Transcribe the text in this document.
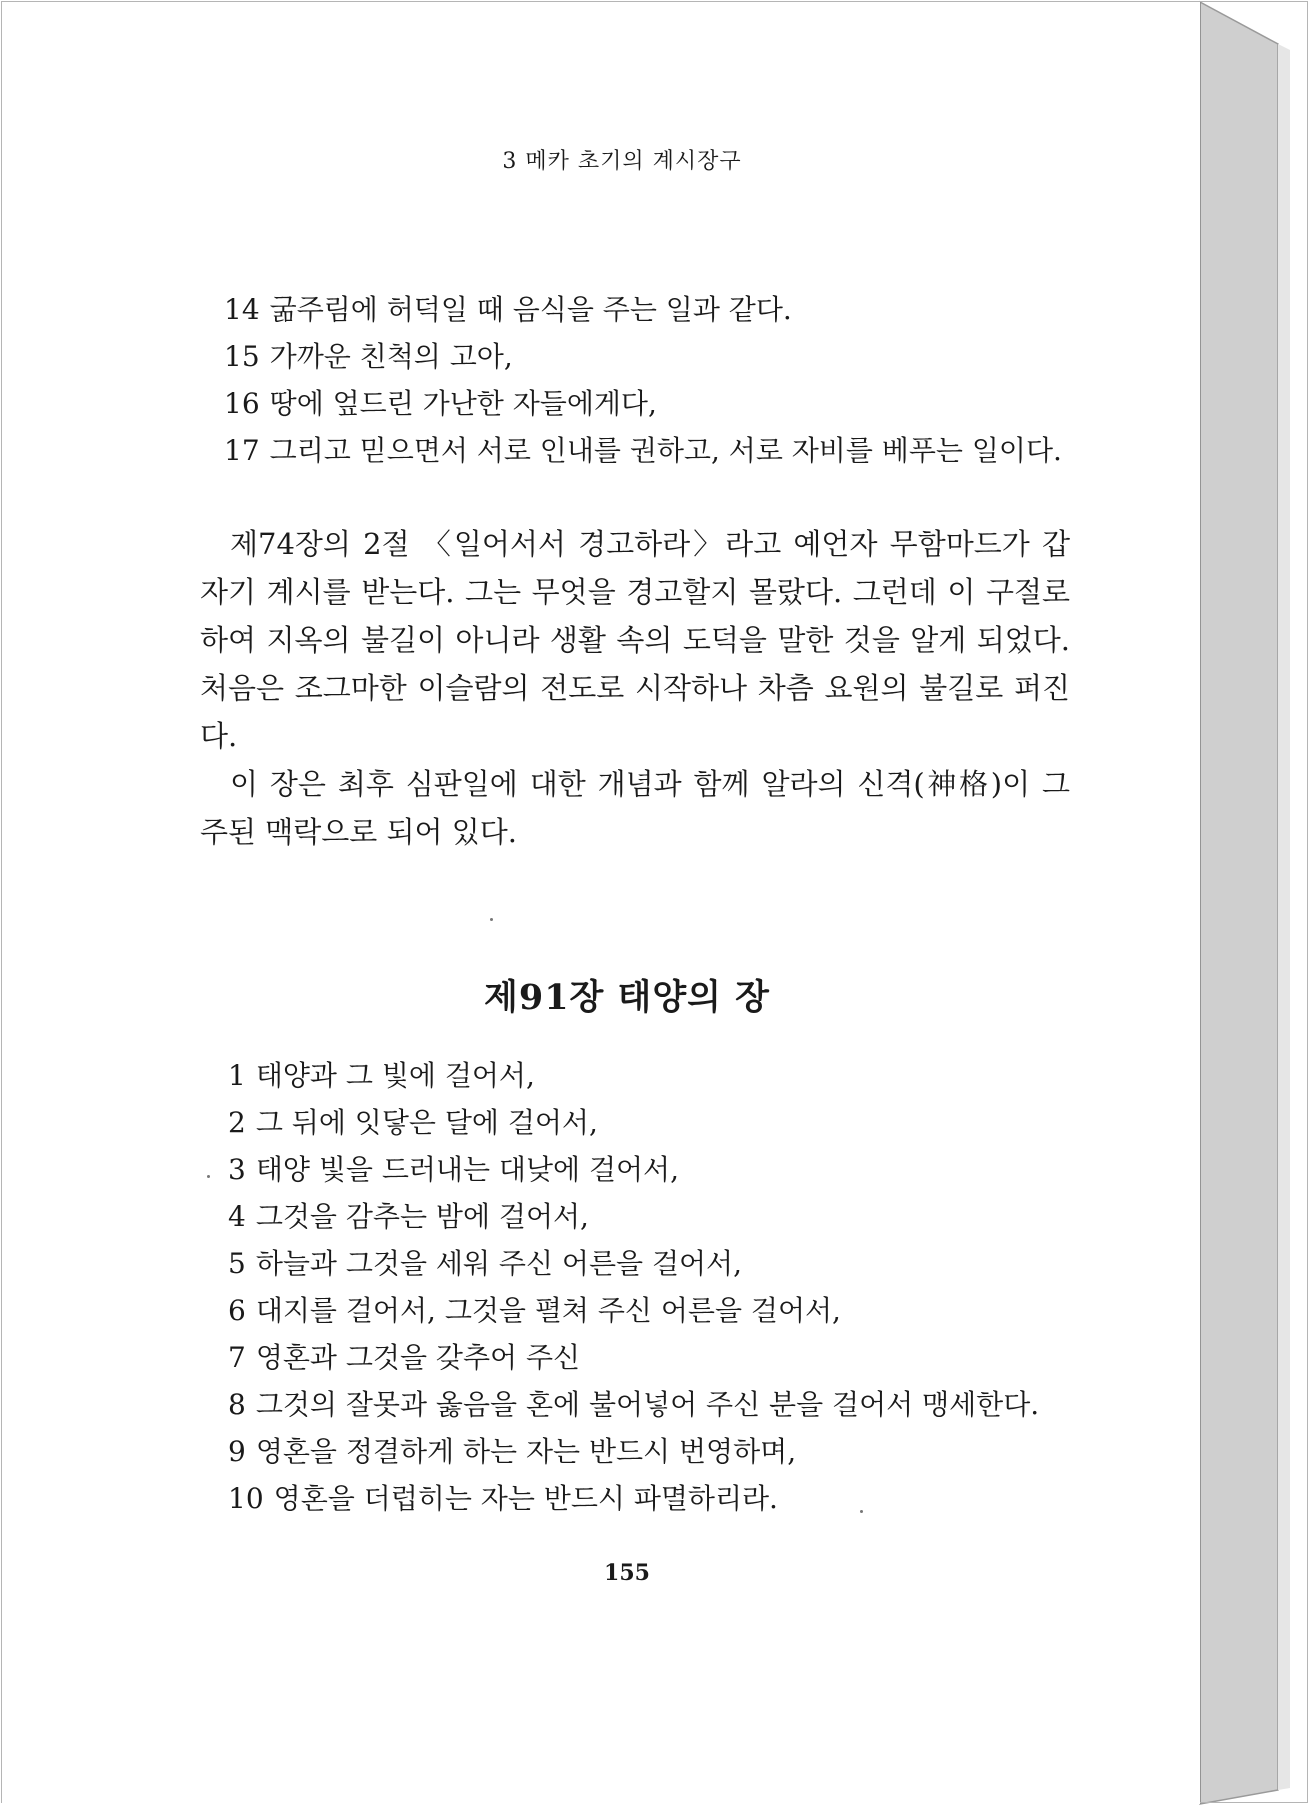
3 메카 초기의 계시장구
14 굶주림에 허덕일 때 음식을 주는 일과 같다.
15 가까운 친척의 고아,
16 땅에 엎드린 가난한 자들에게다,
17 그리고 믿으면서 서로 인내를 권하고, 서로 자비를 베푸는 일이다.

제74장의 2절 〈일어서서 경고하라〉라고 예언자 무함마드가 갑자기 계시를 받는다. 그는 무엇을 경고할지 몰랐다. 그런데 이 구절로 하여 지옥의 불길이 아니라 생활 속의 도덕을 말한 것을 알게 되었다. 처음은 조그마한 이슬람의 전도로 시작하나 차츰 요원의 불길로 퍼진다.

이 장은 최후 심판일에 대한 개념과 함께 알라의 신격(神格)이 그 주된 맥락으로 되어 있다.

제91장 태양의 장
1 태양과 그 빛에 걸어서,
2 그 뒤에 잇닿은 달에 걸어서,
3 태양 빛을 드러내는 대낮에 걸어서,
4 그것을 감추는 밤에 걸어서,
5 하늘과 그것을 세워 주신 어른을 걸어서,
6 대지를 걸어서, 그것을 펼쳐 주신 어른을 걸어서,
7 영혼과 그것을 갖추어 주신
8 그것의 잘못과 옳음을 혼에 불어넣어 주신 분을 걸어서 맹세한다.
9 영혼을 정결하게 하는 자는 반드시 번영하며,
10 영혼을 더럽히는 자는 반드시 파멸하리라.
155
